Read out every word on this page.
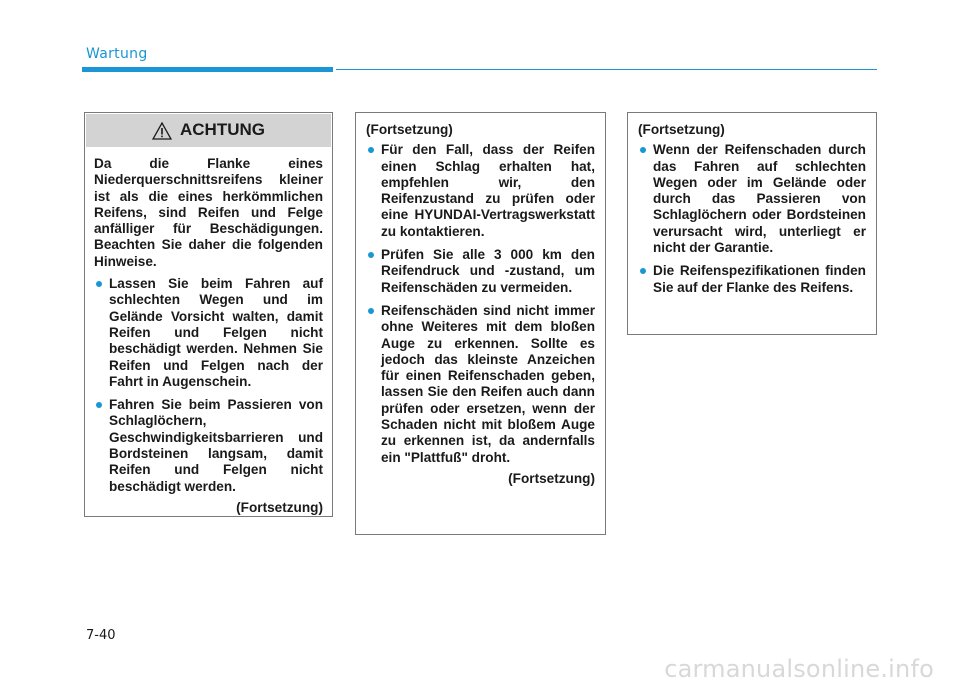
Wartung
ACHTUNG

Da die Flanke eines Niederquerschnittsreifens kleiner ist als die eines herkömmlichen Reifens, sind Reifen und Felge anfälliger für Beschädigungen. Beachten Sie daher die folgenden Hinweise.

Lassen Sie beim Fahren auf schlechten Wegen und im Gelände Vorsicht walten, damit Reifen und Felgen nicht beschädigt werden. Nehmen Sie Reifen und Felgen nach der Fahrt in Augenschein.
Fahren Sie beim Passieren von Schlaglöchern, Geschwindigkeitsbarrieren und Bordsteinen langsam, damit Reifen und Felgen nicht beschädigt werden.

(Fortsetzung)

(Fortsetzung)

Für den Fall, dass der Reifen einen Schlag erhalten hat, empfehlen wir, den Reifenzustand zu prüfen oder eine HYUNDAI-Vertragswerkstatt zu kontaktieren.
Prüfen Sie alle 3 000 km den Reifendruck und -zustand, um Reifenschäden zu vermeiden.
Reifenschäden sind nicht immer ohne Weiteres mit dem bloßen Auge zu erkennen. Sollte es jedoch das kleinste Anzeichen für einen Reifenschaden geben, lassen Sie den Reifen auch dann prüfen oder ersetzen, wenn der Schaden nicht mit bloßem Auge zu erkennen ist, da andernfalls ein "Plattfuß" droht.

(Fortsetzung)

(Fortsetzung)

Wenn der Reifenschaden durch das Fahren auf schlechten Wegen oder im Gelände oder durch das Passieren von Schlaglöchern oder Bordsteinen verursacht wird, unterliegt er nicht der Garantie.
Die Reifenspezifikationen finden Sie auf der Flanke des Reifens.
7-40
carmanualsonline.info
